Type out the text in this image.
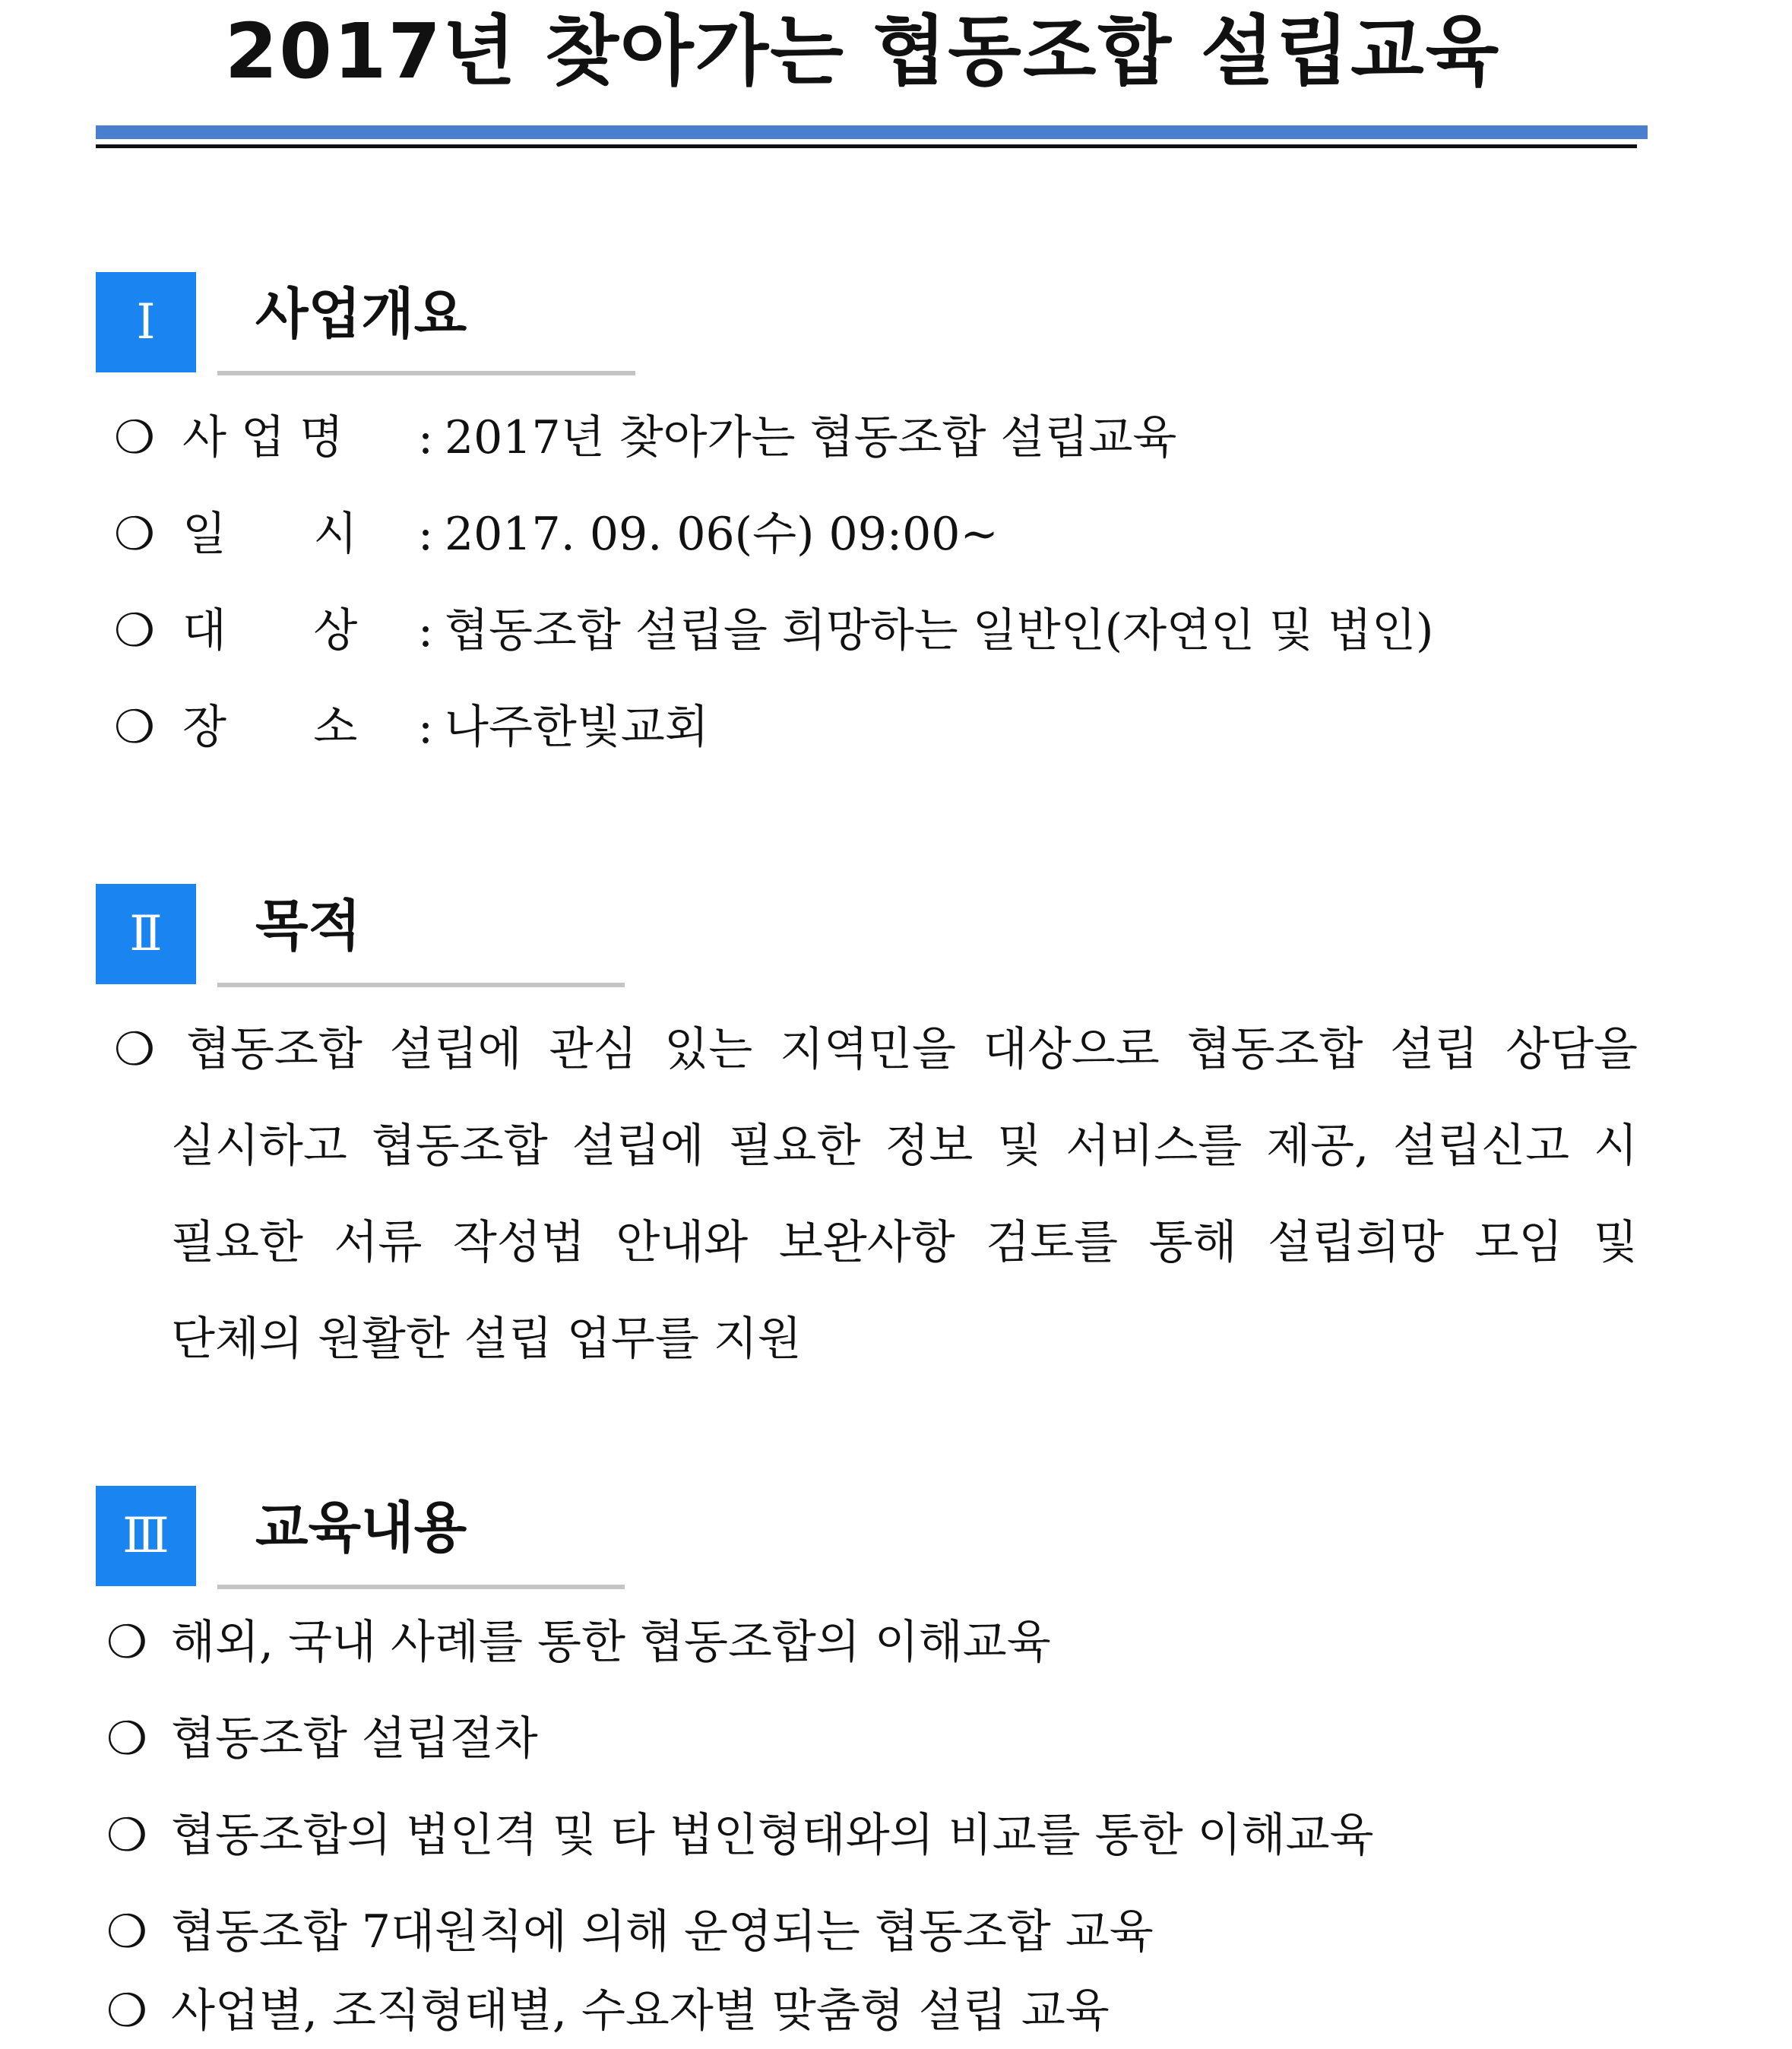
2017년 찾아가는 협동조합 설립교육
Ⅰ	사업개요
❍ 사 업 명 : 2017년 찾아가는 협동조합 설립교육
❍ 일      시 : 2017. 09. 06(수) 09:00~
❍ 대      상 : 협동조합 설립을 희망하는 일반인(자연인 및 법인)
❍ 장      소 : 나주한빛교회
Ⅱ	목적
❍ 협동조합 설립에 관심 있는 지역민을 대상으로 협동조합 설립 상담을
실시하고 협동조합 설립에 필요한 정보 및 서비스를 제공, 설립신고 시
필요한 서류 작성법 안내와 보완사항 검토를 통해 설립희망 모임 및
단체의 원활한 설립 업무를 지원
Ⅲ	교육내용
❍ 해외, 국내 사례를 통한 협동조합의 이해교육
❍ 협동조합 설립절차
❍ 협동조합의 법인격 및 타 법인형태와의 비교를 통한 이해교육
❍ 협동조합 7대원칙에 의해 운영되는 협동조합 교육
❍ 사업별, 조직형태별, 수요자별 맞춤형 설립 교육
